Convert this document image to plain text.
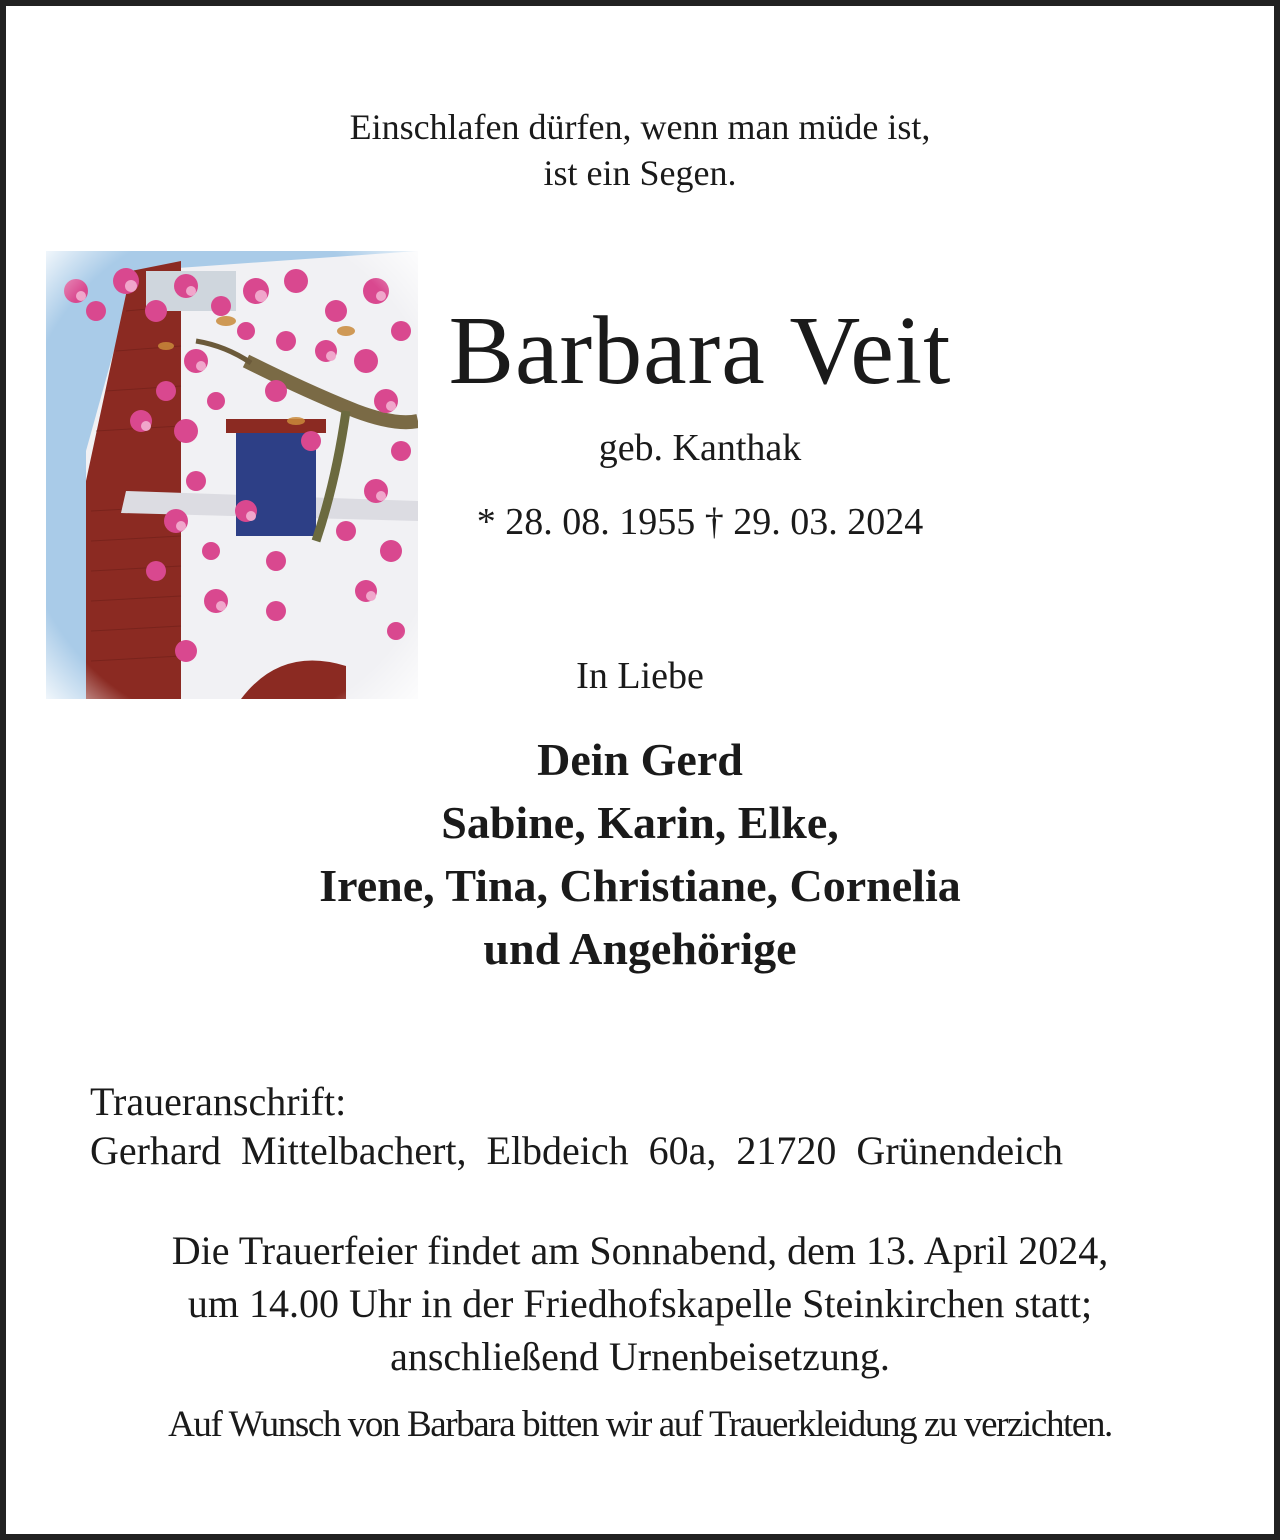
Einschlafen dürfen, wenn man müde ist,
ist ein Segen.
Barbara Veit
geb. Kanthak
* 28. 08. 1955 † 29. 03. 2024
In Liebe
Dein Gerd
Sabine, Karin, Elke,
Irene, Tina, Christiane, Cornelia
und Angehörige
Traueranschrift:
Gerhard Mittelbachert, Elbdeich 60a, 21720 Grünendeich
Die Trauerfeier findet am Sonnabend, dem 13. April 2024,
um 14.00 Uhr in der Friedhofskapelle Steinkirchen statt;
anschließend Urnenbeisetzung.
Auf Wunsch von Barbara bitten wir auf Trauerkleidung zu verzichten.
